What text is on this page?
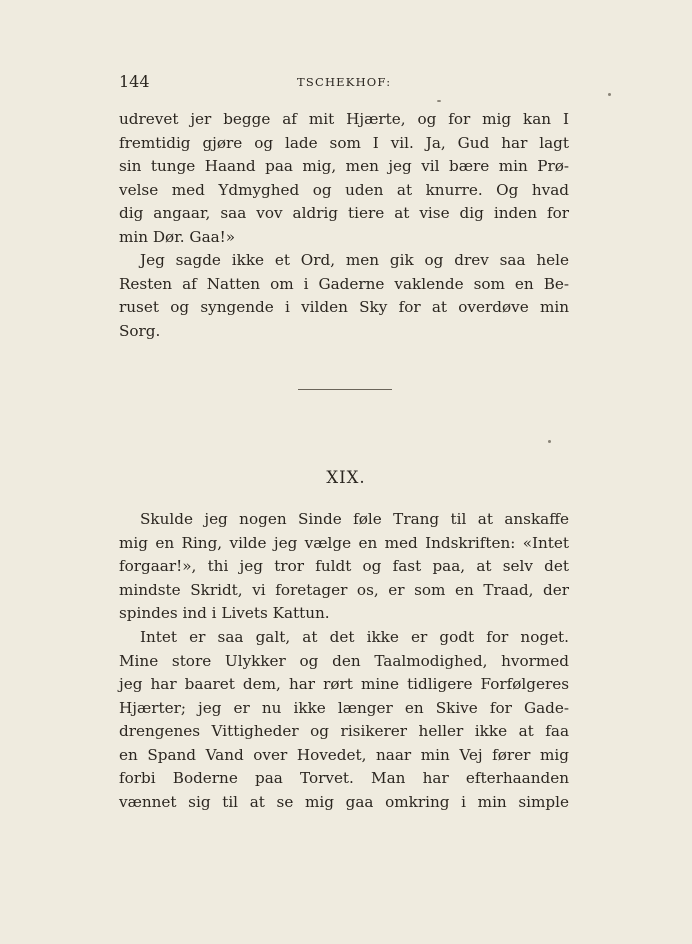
144	TSCHEKHOF:
udrevet jer begge af mit Hjærte, og for mig kan I
fremtidig gjøre og lade som I vil. Ja, Gud har lagt
sin tunge Haand paa mig, men jeg vil bære min Prø-
velse med Ydmyghed og uden at knurre. Og hvad
dig angaar, saa vov aldrig tiere at vise dig inden for
min Dør. Gaa!»
Jeg sagde ikke et Ord, men gik og drev saa hele
Resten af Natten om i Gaderne vaklende som en Be-
ruset og syngende i vilden Sky for at overdøve min
Sorg.
XIX.
Skulde jeg nogen Sinde føle Trang til at anskaffe
mig en Ring, vilde jeg vælge en med Indskriften: «Intet
forgaar!», thi jeg tror fuldt og fast paa, at selv det
mindste Skridt, vi foretager os, er som en Traad, der
spindes ind i Livets Kattun.
Intet er saa galt, at det ikke er godt for noget.
Mine store Ulykker og den Taalmodighed, hvormed
jeg har baaret dem, har rørt mine tidligere Forfølgeres
Hjærter; jeg er nu ikke længer en Skive for Gade-
drengenes Vittigheder og risikerer heller ikke at faa
en Spand Vand over Hovedet, naar min Vej fører mig
forbi Boderne paa Torvet. Man har efterhaanden
vænnet sig til at se mig gaa omkring i min simple
